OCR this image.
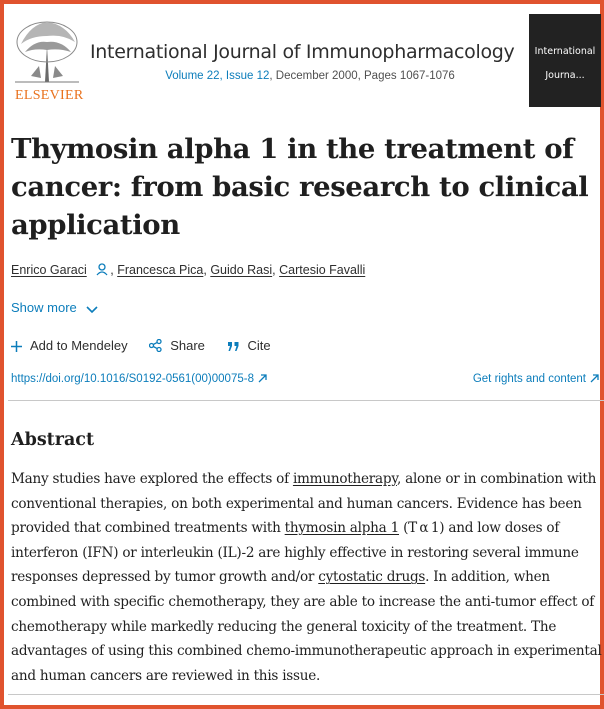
ELSEVIER
International Journal of Immunopharmacology
Volume 22, Issue 12, December 2000, Pages 1067-1076
International
Journa...
Thymosin alpha 1 in the treatment of cancer: from basic research to clinical application
Enrico Garaci , Francesca Pica, Guido Rasi, Cartesio Favalli
Show more
Add to Mendeley	Share	Cite
https://doi.org/10.1016/S0192-0561(00)00075-8	Get rights and content
Abstract

Many studies have explored the effects of immunotherapy, alone or in combination with conventional therapies, on both experimental and human cancers. Evidence has been provided that combined treatments with thymosin alpha 1 (T α 1) and low doses of interferon (IFN) or interleukin (IL)-2 are highly effective in restoring several immune responses depressed by tumor growth and/or cytostatic drugs. In addition, when combined with specific chemotherapy, they are able to increase the anti-tumor effect of chemotherapy while markedly reducing the general toxicity of the treatment. The advantages of using this combined chemo-immunotherapeutic approach in experimental and human cancers are reviewed in this issue.
